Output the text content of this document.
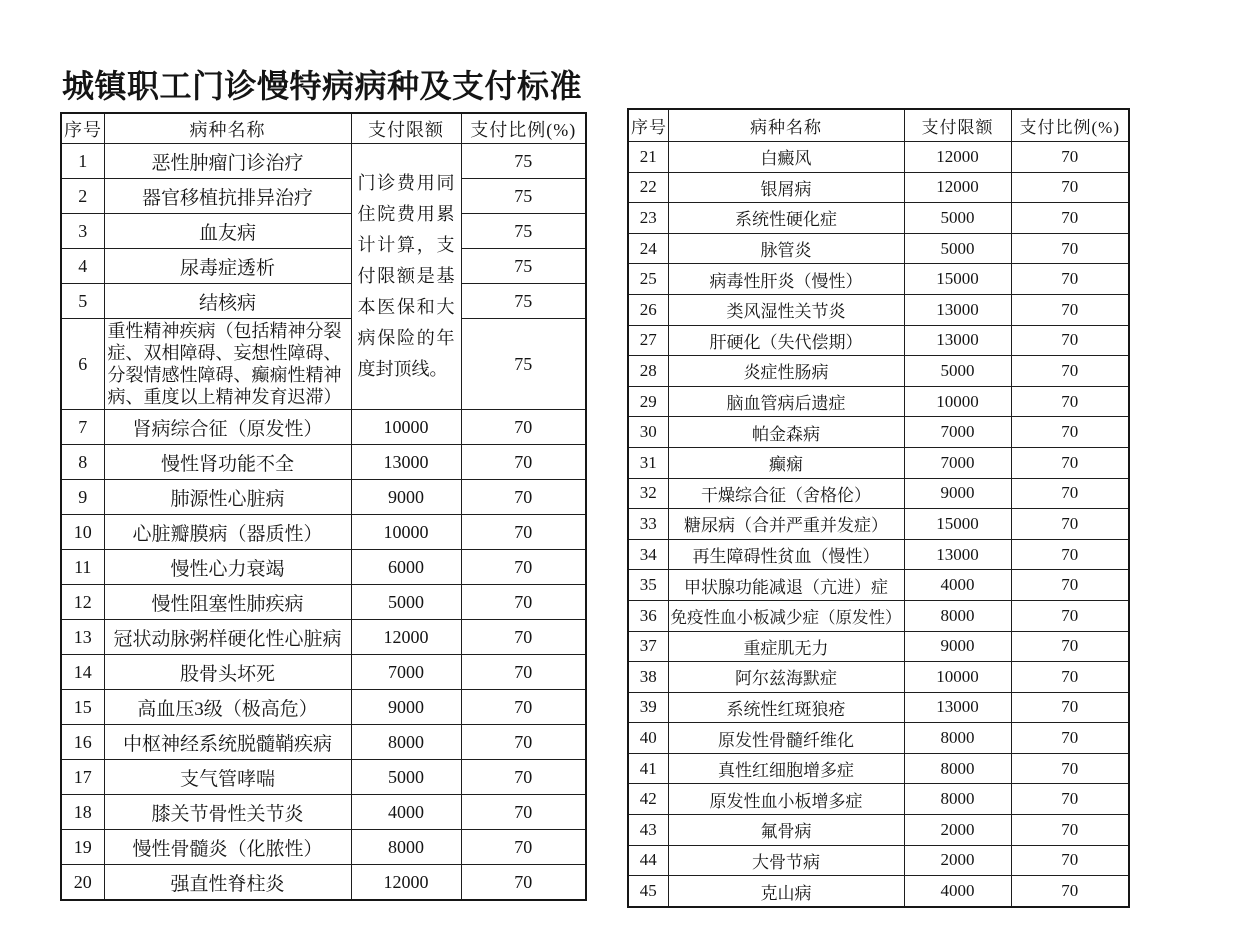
城镇职工门诊慢特病病种及支付标准
序号	病种名称	支付限额	支付比例(%)
1	恶性肿瘤门诊治疗	门诊费用同住院费用累计计算，支付限额是基本医保和大病保险的年度封顶线。	75
2	器官移植抗排异治疗		75
3	血友病		75
4	尿毒症透析		75
5	结核病		75
6	重性精神疾病（包括精神分裂症、双相障碍、妄想性障碍、分裂情感性障碍、癫痫性精神病、重度以上精神发育迟滞）		75
7	肾病综合征（原发性）	10000	70
8	慢性肾功能不全	13000	70
9	肺源性心脏病	9000	70
10	心脏瓣膜病（器质性）	10000	70
11	慢性心力衰竭	6000	70
12	慢性阻塞性肺疾病	5000	70
13	冠状动脉粥样硬化性心脏病	12000	70
14	股骨头坏死	7000	70
15	高血压3级（极高危）	9000	70
16	中枢神经系统脱髓鞘疾病	8000	70
17	支气管哮喘	5000	70
18	膝关节骨性关节炎	4000	70
19	慢性骨髓炎（化脓性）	8000	70
20	强直性脊柱炎	12000	70
序号	病种名称	支付限额	支付比例(%)
21	白癜风	12000	70
22	银屑病	12000	70
23	系统性硬化症	5000	70
24	脉管炎	5000	70
25	病毒性肝炎（慢性）	15000	70
26	类风湿性关节炎	13000	70
27	肝硬化（失代偿期）	13000	70
28	炎症性肠病	5000	70
29	脑血管病后遗症	10000	70
30	帕金森病	7000	70
31	癫痫	7000	70
32	干燥综合征（舍格伦）	9000	70
33	糖尿病（合并严重并发症）	15000	70
34	再生障碍性贫血（慢性）	13000	70
35	甲状腺功能减退（亢进）症	4000	70
36	免疫性血小板减少症（原发性）	8000	70
37	重症肌无力	9000	70
38	阿尔兹海默症	10000	70
39	系统性红斑狼疮	13000	70
40	原发性骨髓纤维化	8000	70
41	真性红细胞增多症	8000	70
42	原发性血小板增多症	8000	70
43	氟骨病	2000	70
44	大骨节病	2000	70
45	克山病	4000	70
